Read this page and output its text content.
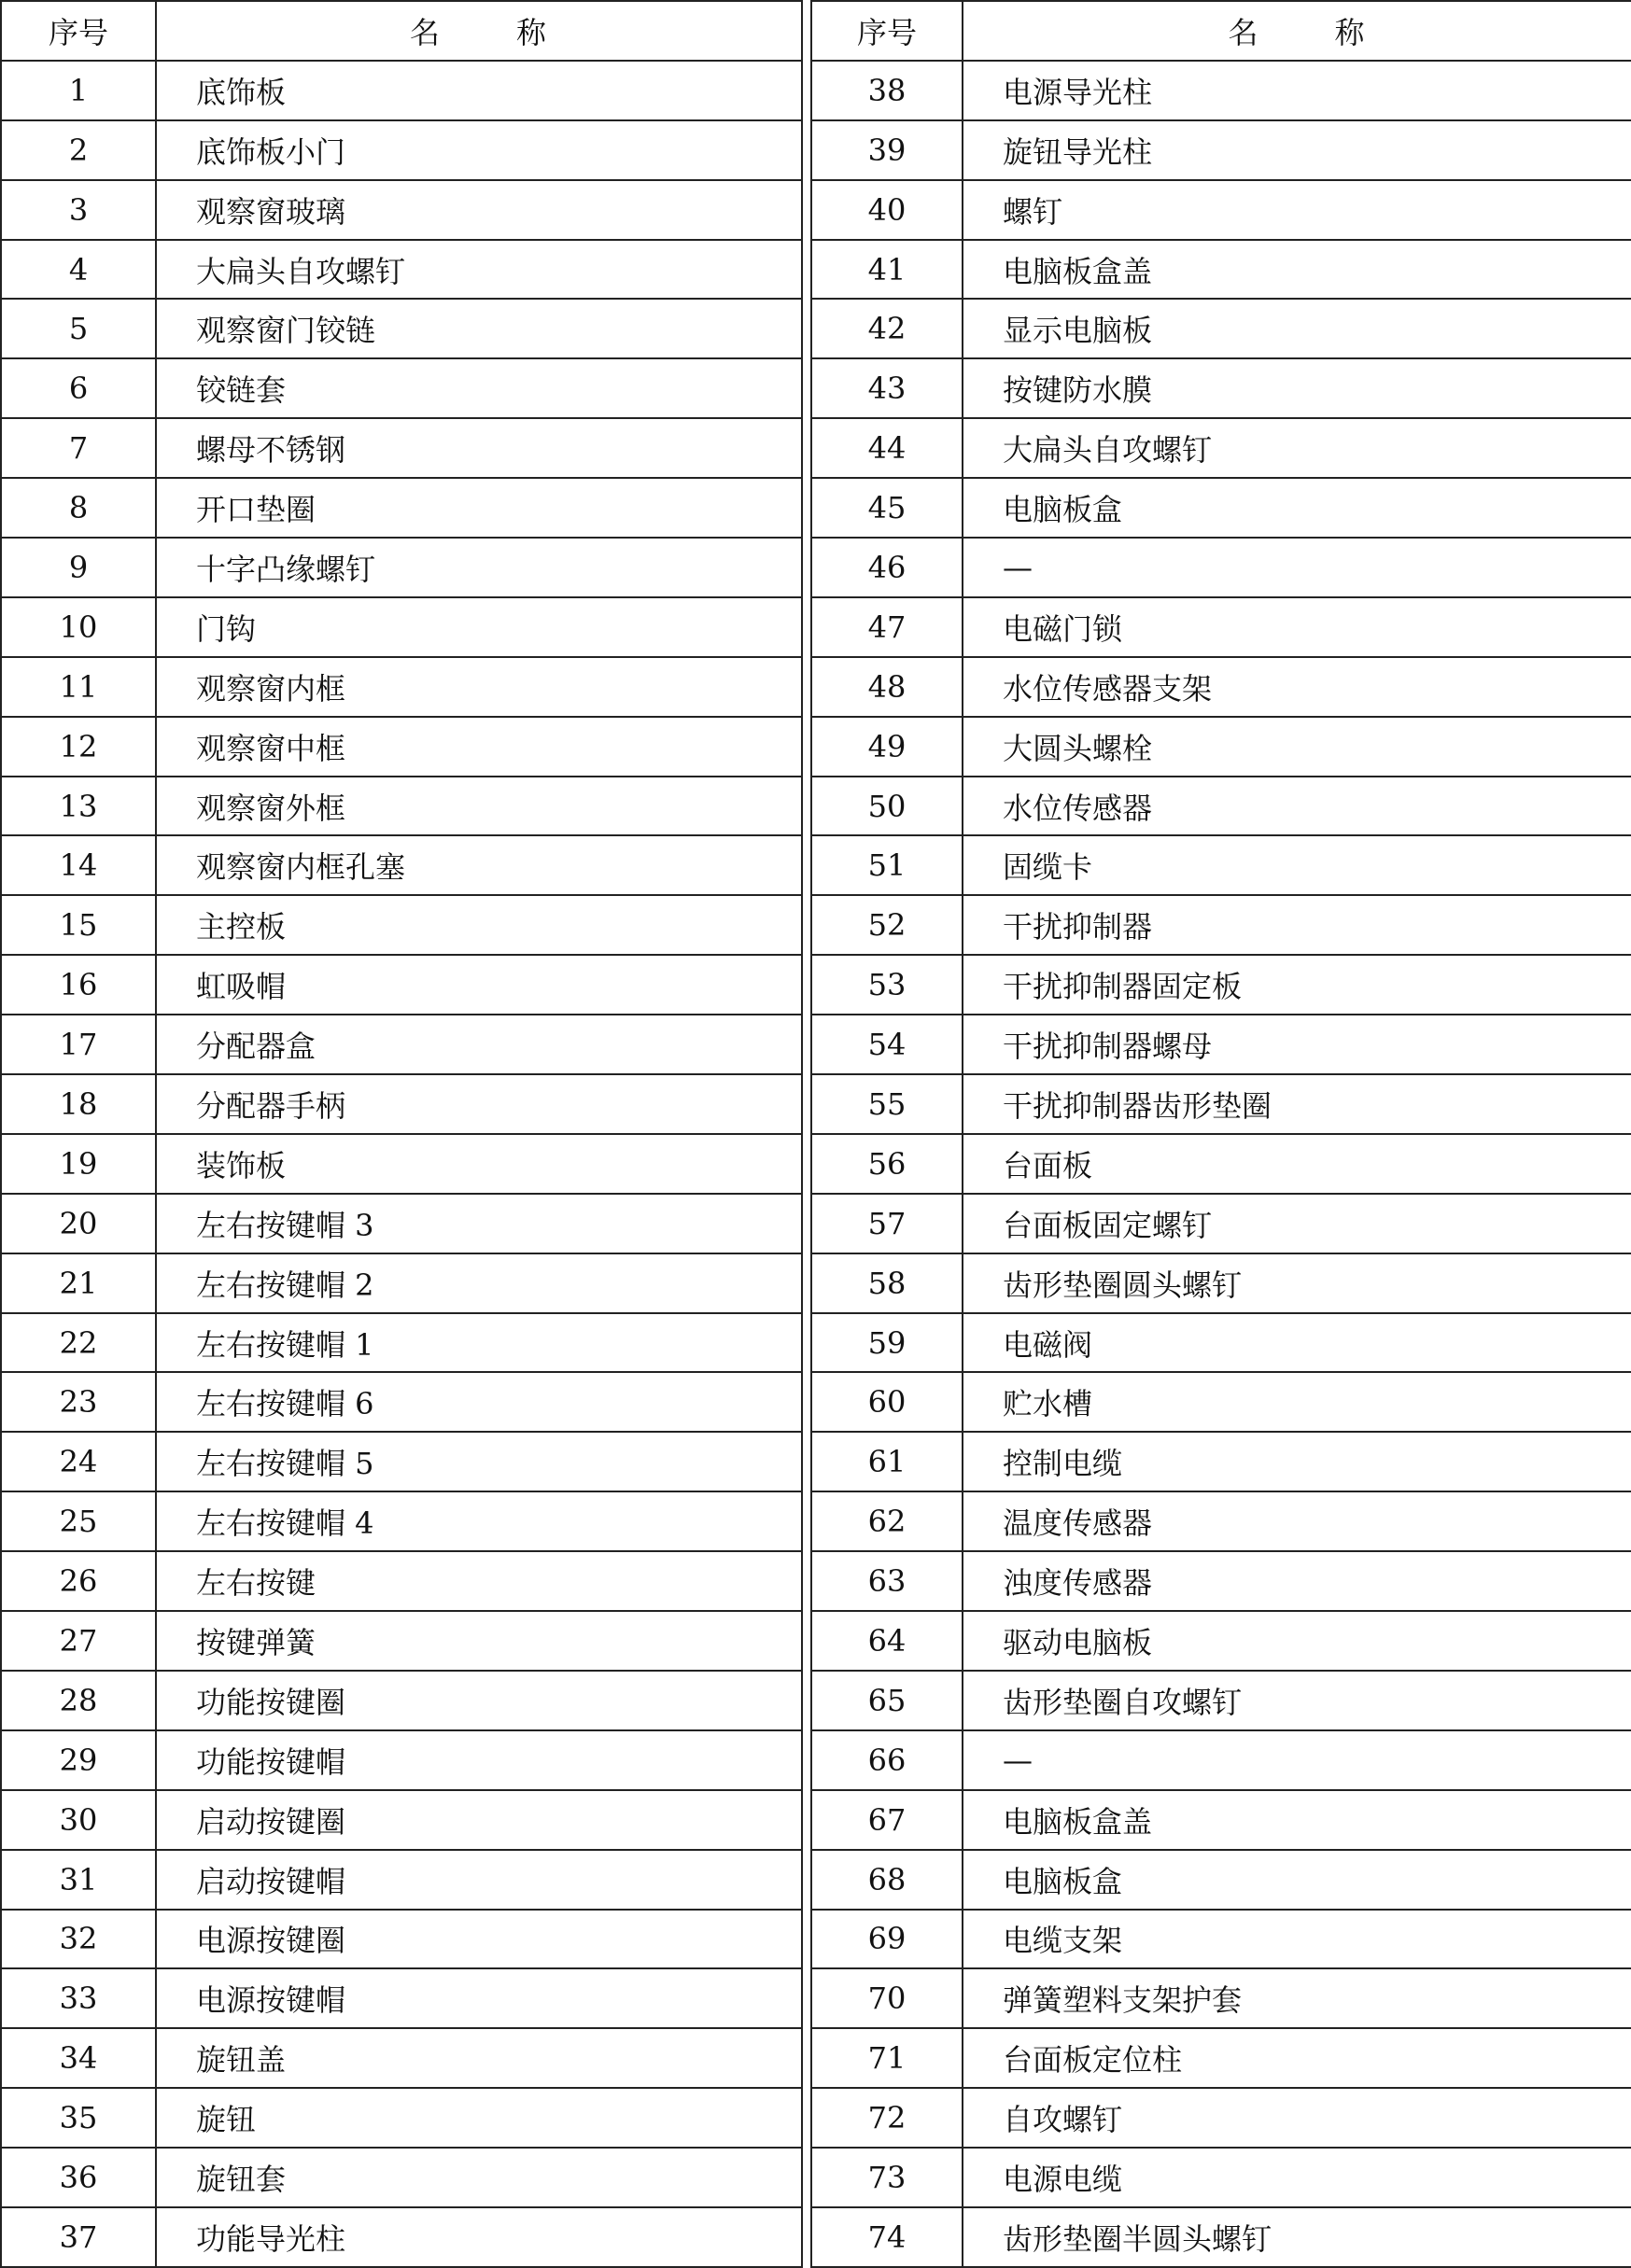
序号	名 称		序号	名 称
1	底饰板		38	电源导光柱
2	底饰板小门		39	旋钮导光柱
3	观察窗玻璃		40	螺钉
4	大扁头自攻螺钉		41	电脑板盒盖
5	观察窗门铰链		42	显示电脑板
6	铰链套		43	按键防水膜
7	螺母不锈钢		44	大扁头自攻螺钉
8	开口垫圈		45	电脑板盒
9	十字凸缘螺钉		46	—
10	门钩		47	电磁门锁
11	观察窗内框		48	水位传感器支架
12	观察窗中框		49	大圆头螺栓
13	观察窗外框		50	水位传感器
14	观察窗内框孔塞		51	固缆卡
15	主控板		52	干扰抑制器
16	虹吸帽		53	干扰抑制器固定板
17	分配器盒		54	干扰抑制器螺母
18	分配器手柄		55	干扰抑制器齿形垫圈
19	装饰板		56	台面板
20	左右按键帽 3		57	台面板固定螺钉
21	左右按键帽 2		58	齿形垫圈圆头螺钉
22	左右按键帽 1		59	电磁阀
23	左右按键帽 6		60	贮水槽
24	左右按键帽 5		61	控制电缆
25	左右按键帽 4		62	温度传感器
26	左右按键		63	浊度传感器
27	按键弹簧		64	驱动电脑板
28	功能按键圈		65	齿形垫圈自攻螺钉
29	功能按键帽		66	—
30	启动按键圈		67	电脑板盒盖
31	启动按键帽		68	电脑板盒
32	电源按键圈		69	电缆支架
33	电源按键帽		70	弹簧塑料支架护套
34	旋钮盖		71	台面板定位柱
35	旋钮		72	自攻螺钉
36	旋钮套		73	电源电缆
37	功能导光柱		74	齿形垫圈半圆头螺钉
